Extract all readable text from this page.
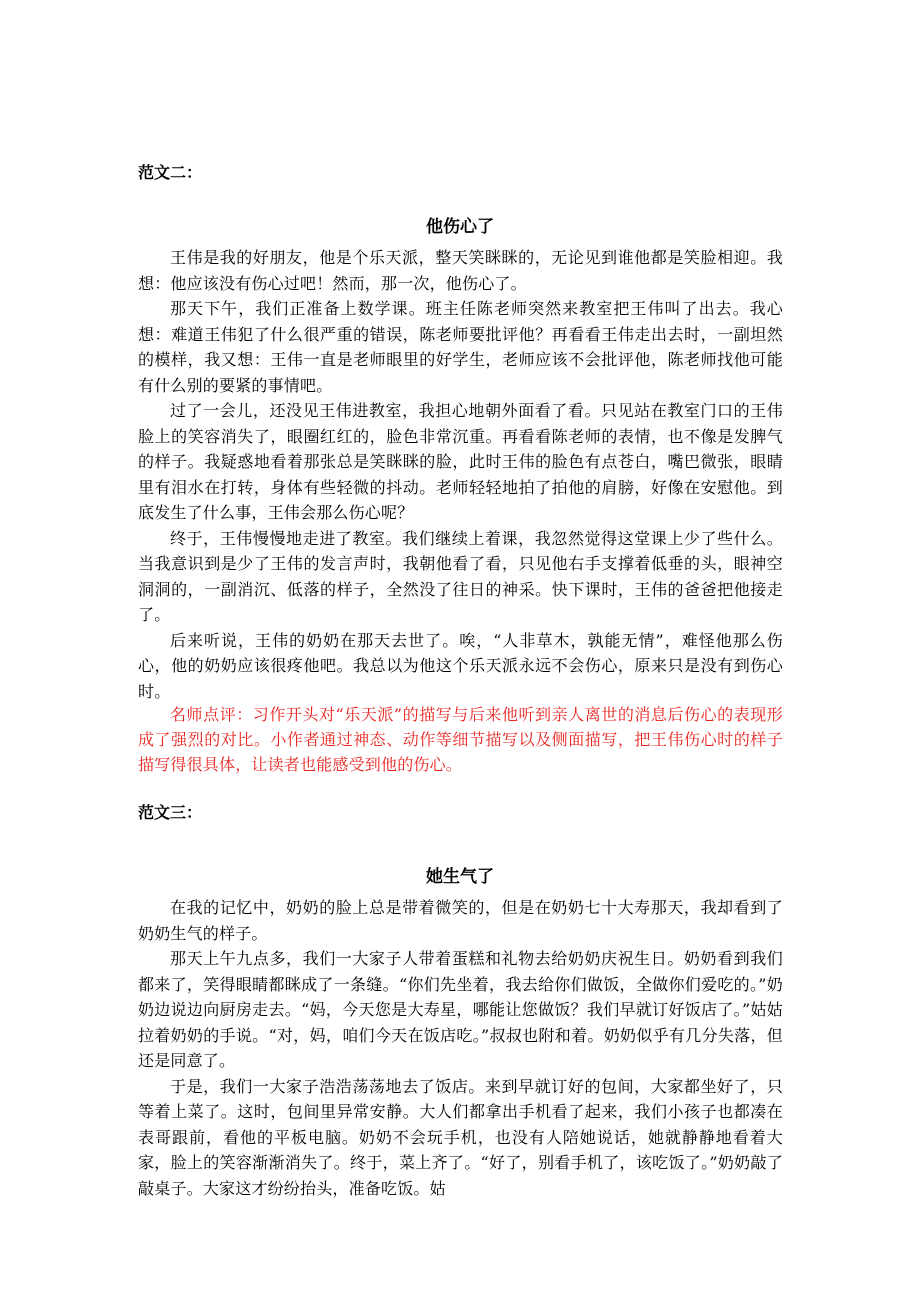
范文二：
他伤心了

王伟是我的好朋友，他是个乐天派，整天笑眯眯的，无论见到谁他都是笑脸相迎。我想：他应该没有伤心过吧！然而，那一次，他伤心了。

那天下午，我们正准备上数学课。班主任陈老师突然来教室把王伟叫了出去。我心想：难道王伟犯了什么很严重的错误，陈老师要批评他？再看看王伟走出去时，一副坦然的模样，我又想：王伟一直是老师眼里的好学生，老师应该不会批评他，陈老师找他可能有什么别的要紧的事情吧。

过了一会儿，还没见王伟进教室，我担心地朝外面看了看。只见站在教室门口的王伟脸上的笑容消失了，眼圈红红的，脸色非常沉重。再看看陈老师的表情，也不像是发脾气的样子。我疑惑地看着那张总是笑眯眯的脸，此时王伟的脸色有点苍白，嘴巴微张，眼睛里有泪水在打转，身体有些轻微的抖动。老师轻轻地拍了拍他的肩膀，好像在安慰他。到底发生了什么事，王伟会那么伤心呢？

终于，王伟慢慢地走进了教室。我们继续上着课，我忽然觉得这堂课上少了些什么。当我意识到是少了王伟的发言声时，我朝他看了看，只见他右手支撑着低垂的头，眼神空洞洞的，一副消沉、低落的样子，全然没了往日的神采。快下课时，王伟的爸爸把他接走了。

后来听说，王伟的奶奶在那天去世了。唉，“人非草木，孰能无情”，难怪他那么伤心，他的奶奶应该很疼他吧。我总以为他这个乐天派永远不会伤心，原来只是没有到伤心时。

名师点评：习作开头对“乐天派”的描写与后来他听到亲人离世的消息后伤心的表现形成了强烈的对比。小作者通过神态、动作等细节描写以及侧面描写，把王伟伤心时的样子描写得很具体，让读者也能感受到他的伤心。

范文三：
她生气了

在我的记忆中，奶奶的脸上总是带着微笑的，但是在奶奶七十大寿那天，我却看到了奶奶生气的样子。

那天上午九点多，我们一大家子人带着蛋糕和礼物去给奶奶庆祝生日。奶奶看到我们都来了，笑得眼睛都眯成了一条缝。“你们先坐着，我去给你们做饭，全做你们爱吃的。”奶奶边说边向厨房走去。“妈，今天您是大寿星，哪能让您做饭？我们早就订好饭店了。”姑姑拉着奶奶的手说。“对，妈，咱们今天在饭店吃。”叔叔也附和着。奶奶似乎有几分失落，但还是同意了。

于是，我们一大家子浩浩荡荡地去了饭店。来到早就订好的包间，大家都坐好了，只等着上菜了。这时，包间里异常安静。大人们都拿出手机看了起来，我们小孩子也都凑在表哥跟前，看他的平板电脑。奶奶不会玩手机，也没有人陪她说话，她就静静地看着大家，脸上的笑容渐渐消失了。终于，菜上齐了。“好了，别看手机了，该吃饭了。”奶奶敲了敲桌子。大家这才纷纷抬头，准备吃饭。姑
